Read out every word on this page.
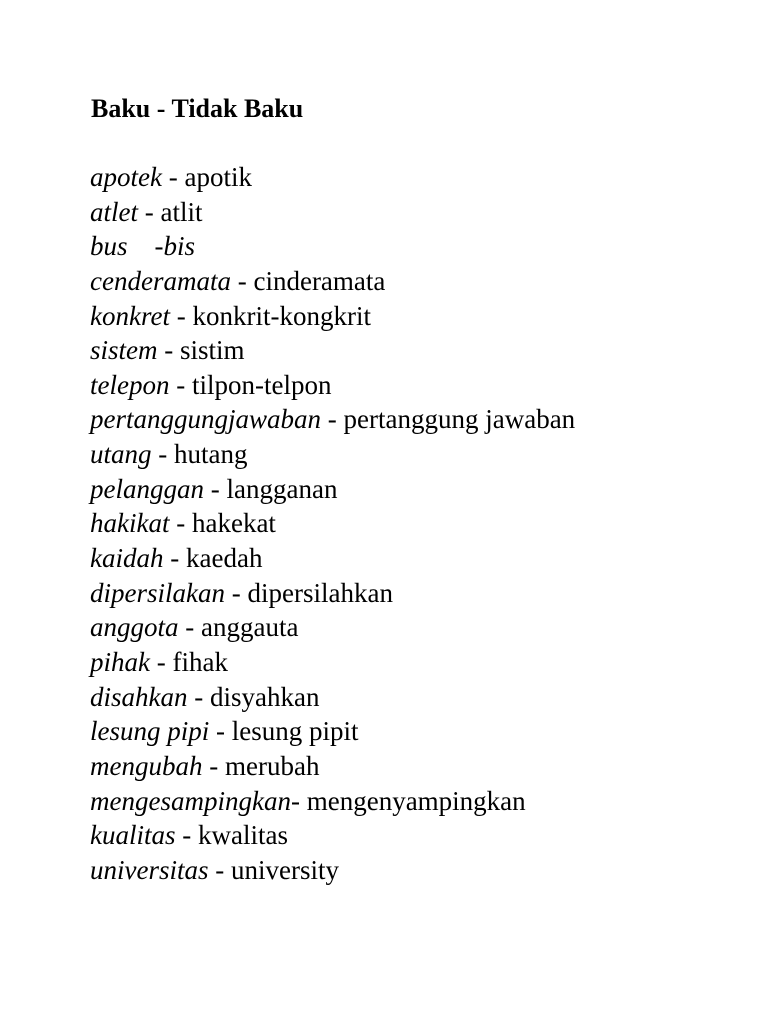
Baku - Tidak Baku
apotek - apotik
atlet - atlit
bus    -bis
cenderamata - cinderamata
konkret - konkrit-kongkrit
sistem - sistim
telepon - tilpon-telpon
pertanggungjawaban - pertanggung jawaban
utang - hutang
pelanggan - langganan
hakikat - hakekat
kaidah - kaedah
dipersilakan - dipersilahkan
anggota - anggauta
pihak - fihak
disahkan - disyahkan
lesung pipi - lesung pipit
mengubah - merubah
mengesampingkan- mengenyampingkan
kualitas - kwalitas
universitas - university
